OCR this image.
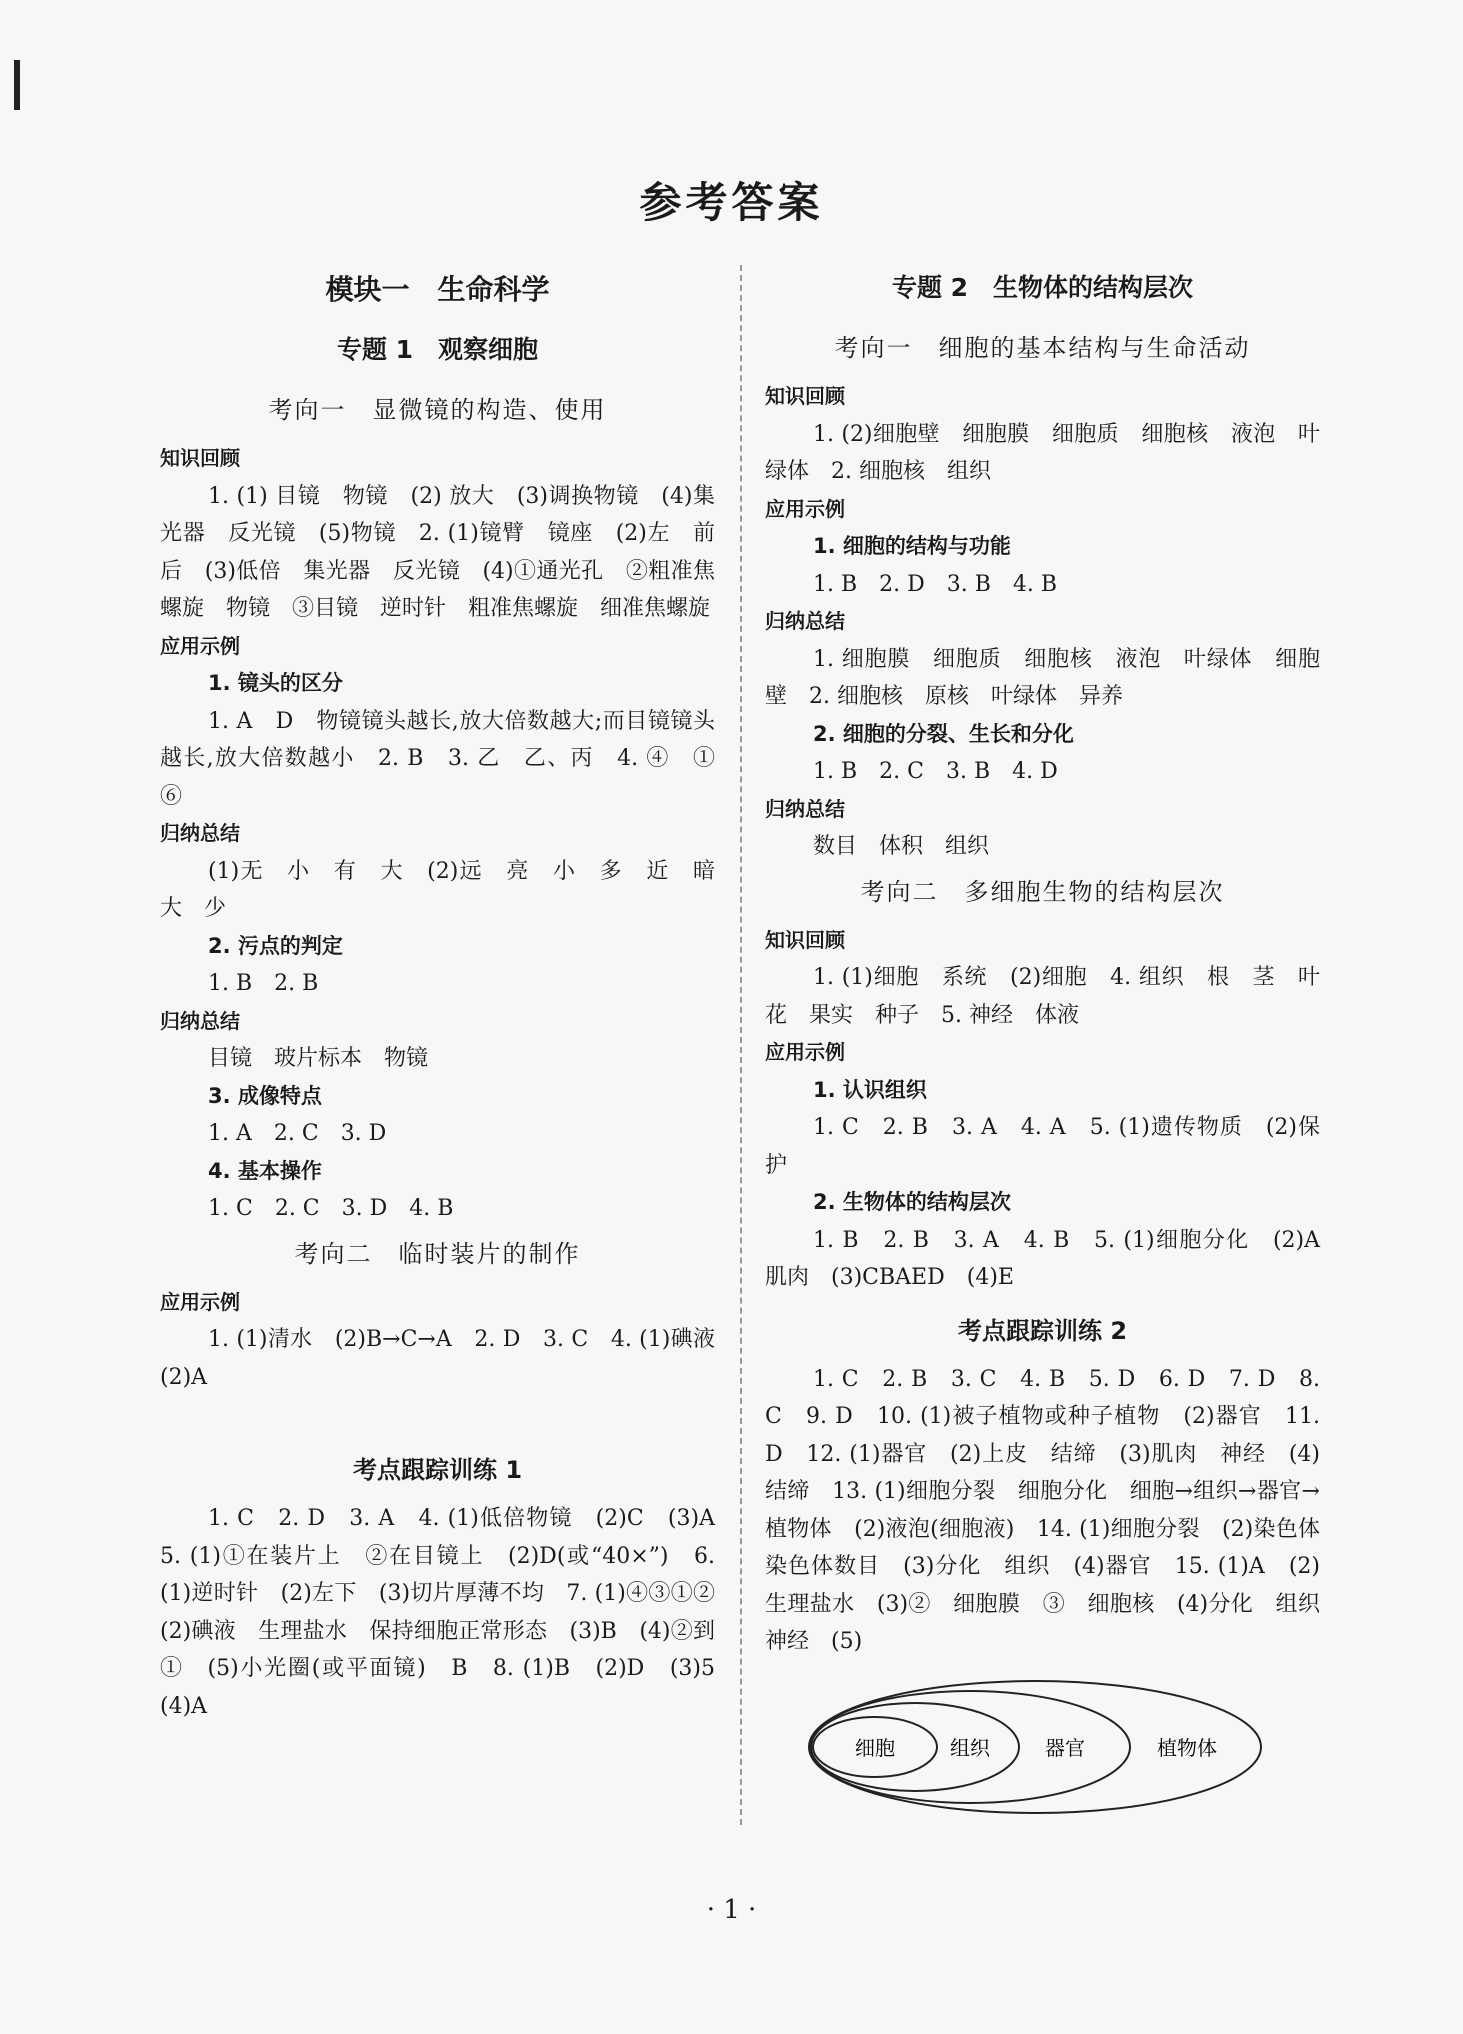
参考答案
模块一　生命科学
专题 1　观察细胞
考向一　显微镜的构造、使用
知识回顾

1. (1) 目镜　物镜　(2) 放大　(3)调换物镜　(4)集光器　反光镜　(5)物镜　2. (1)镜臂　镜座　(2)左　前　后　(3)低倍　集光器　反光镜　(4)①通光孔　②粗准焦螺旋　物镜　③目镜　逆时针　粗准焦螺旋　细准焦螺旋

应用示例
1. 镜头的区分

1. A　D　物镜镜头越长,放大倍数越大;而目镜镜头越长,放大倍数越小　2. B　3. 乙　乙、丙　4. ④　①　⑥

归纳总结

(1)无　小　有　大　(2)远　亮　小　多　近　暗　大　少

2. 污点的判定

1. B　2. B

归纳总结

目镜　玻片标本　物镜

3. 成像特点

1. A　2. C　3. D

4. 基本操作

1. C　2. C　3. D　4. B

考向二　临时装片的制作
应用示例

1. (1)清水　(2)B→C→A　2. D　3. C　4. (1)碘液　(2)A

考点跟踪训练 1

1. C　2. D　3. A　4. (1)低倍物镜　(2)C　(3)A　5. (1)①在装片上　②在目镜上　(2)D(或“40×”)　6. (1)逆时针　(2)左下　(3)切片厚薄不均　7. (1)④③①②　(2)碘液　生理盐水　保持细胞正常形态　(3)B　(4)②到①　(5)小光圈(或平面镜)　B　8. (1)B　(2)D　(3)5　(4)A

专题 2　生物体的结构层次
考向一　细胞的基本结构与生命活动
知识回顾

1. (2)细胞壁　细胞膜　细胞质　细胞核　液泡　叶绿体　2. 细胞核　组织

应用示例
1. 细胞的结构与功能

1. B　2. D　3. B　4. B

归纳总结

1. 细胞膜　细胞质　细胞核　液泡　叶绿体　细胞壁　2. 细胞核　原核　叶绿体　异养

2. 细胞的分裂、生长和分化

1. B　2. C　3. B　4. D

归纳总结

数目　体积　组织

考向二　多细胞生物的结构层次
知识回顾

1. (1)细胞　系统　(2)细胞　4. 组织　根　茎　叶　花　果实　种子　5. 神经　体液

应用示例
1. 认识组织

1. C　2. B　3. A　4. A　5. (1)遗传物质　(2)保护

2. 生物体的结构层次

1. B　2. B　3. A　4. B　5. (1)细胞分化　(2)A　肌肉　(3)CBAED　(4)E

考点跟踪训练 2

1. C　2. B　3. C　4. B　5. D　6. D　7. D　8. C　9. D　10. (1)被子植物或种子植物　(2)器官　11. D　12. (1)器官　(2)上皮　结缔　(3)肌肉　神经　(4) 结缔　13. (1)细胞分裂　细胞分化　细胞→组织→器官→植物体　(2)液泡(细胞液)　14. (1)细胞分裂　(2)染色体　染色体数目　(3)分化　组织　(4)器官　15. (1)A　(2)生理盐水　(3)②　细胞膜　③　细胞核　(4)分化　组织　神经　(5)

细胞	组织	器官	植物体
· 1 ·
